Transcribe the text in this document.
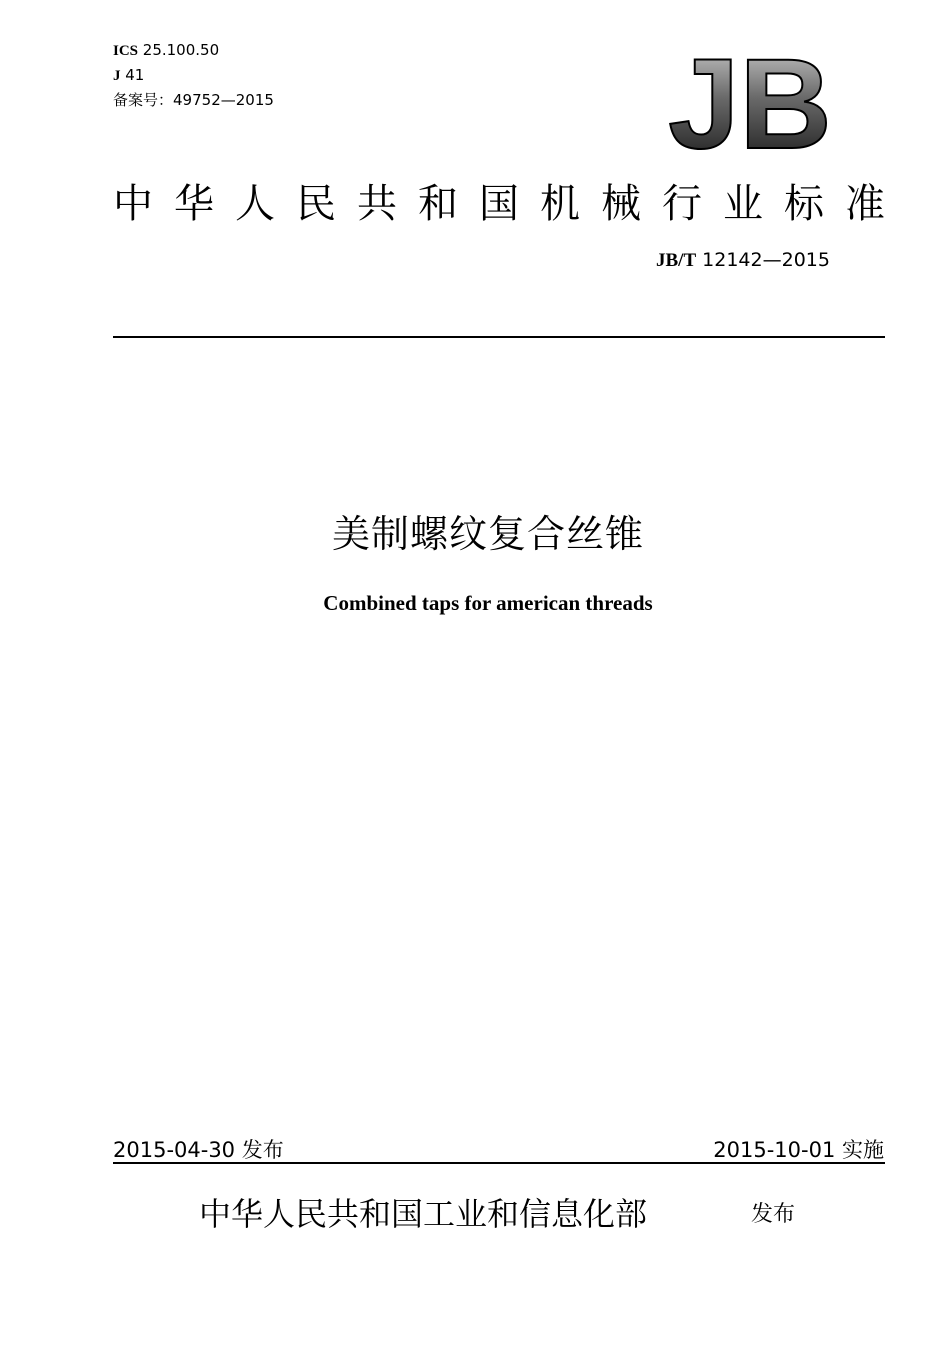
ICS 25.100.50
J 41
备案号：49752—2015	JB
中 华 人 民 共 和 国 机 械 行 业 标 准
JB/T 12142—2015
美制螺纹复合丝锥
Combined taps for american threads
2015-04-30 发布	2015-10-01 实施
中华人民共和国工业和信息化部	发布
